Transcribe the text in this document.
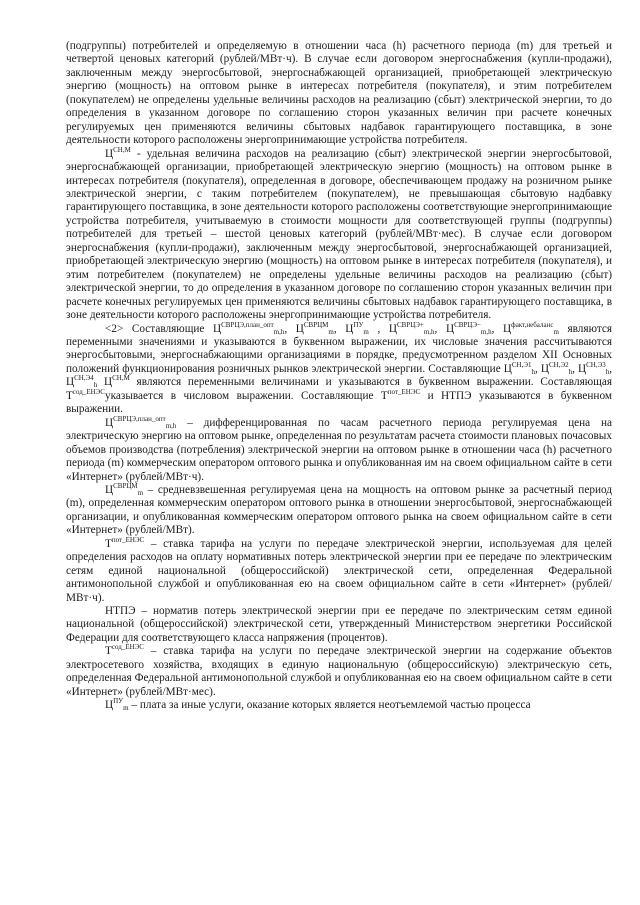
(подгруппы) потребителей и определяемую в отношении часа (h) расчетного периода (m) для третьей и четвертой ценовых категорий (рублей/МВт·ч). В случае если договором энергоснабжения (купли-продажи), заключенным между энергосбытовой, энергоснабжающей организацией, приобретающей электрическую энергию (мощность) на оптовом рынке в интересах потребителя (покупателя), и этим потребителем (покупателем) не определены удельные величины расходов на реализацию (сбыт) электрической энергии, то до определения в указанном договоре по соглашению сторон указанных величин при расчете конечных регулируемых цен применяются величины сбытовых надбавок гарантирующего поставщика, в зоне деятельности которого расположены энергопринимающие устройства потребителя.

$Ц^{СН,М}$ - удельная величина расходов на реализацию (сбыт) электрической энергии энергосбытовой, энергоснабжающей организации, приобретающей электрическую энергию (мощность) на оптовом рынке в интересах потребителя (покупателя), определенная в договоре, обеспечивающем продажу на розничном рынке электрической энергии, с таким потребителем (покупателем), не превышающая сбытовую надбавку гарантирующего поставщика, в зоне деятельности которого расположены соответствующие энергопринимающие устройства потребителя, учитываемую в стоимости мощности для соответствующей группы (подгруппы) потребителей для третьей – шестой ценовых категорий (рублей/МВт·мес). В случае если договором энергоснабжения (купли-продажи), заключенным между энергосбытовой, энергоснабжающей организацией, приобретающей электрическую энергию (мощность) на оптовом рынке в интересах потребителя (покупателя), и этим потребителем (покупателем) не определены удельные величины расходов на реализацию (сбыт) электрической энергии, то до определения в указанном договоре по соглашению сторон указанных величин при расчете конечных регулируемых цен применяются величины сбытовых надбавок гарантирующего поставщика, в зоне деятельности которого расположены энергопринимающие устройства потребителя.

<2> Составляющие $Ц^{СВРЦЭ,план\_опт}_{m,h}$, $Ц^{СВРЦМ}_m$, $Ц^{ПУ}_m$ , $Ц^{СВРЦЭ+}_{m,h}$, $Ц^{СВРЦЭ-}_{m,h}$, $Ц^{факт,небаланс}_m$ являются переменными значениями и указываются в буквенном выражении, их числовые значения рассчитываются энергосбытовыми, энергоснабжающими организациями в порядке, предусмотренном разделом XII Основных положений функционирования розничных рынков электрической энергии. Составляющие $Ц^{СН,Э1}_h$, $Ц^{СН,Э2}_h$, $Ц^{СН,Э3}_h$, $Ц^{СН,Э4}_h$ $Ц^{СН,М}$ являются переменными величинами и указываются в буквенном выражении. Составляющая $Т^{сод\_ЕНЭС}указывается$ в числовом выражении. Составляющие $Т^{пот\_ЕНЭС}$ и НТПЭ указываются в буквенном выражении.

$Ц^{СВРЦЭ,план\_опт}_{m,h}$ – дифференцированная по часам расчетного периода регулируемая цена на электрическую энергию на оптовом рынке, определенная по результатам расчета стоимости плановых почасовых объемов производства (потребления) электрической энергии на оптовом рынке в отношении часа (h) расчетного периода (m) коммерческим оператором оптового рынка и опубликованная им на своем официальном сайте в сети «Интернет» (рублей/МВт·ч).

$Ц^{СВРЦМ}_m$ – средневзвешенная регулируемая цена на мощность на оптовом рынке за расчетный период (m), определенная коммерческим оператором оптового рынка в отношении энергосбытовой, энергоснабжающей организации, и опубликованная коммерческим оператором оптового рынка на своем официальном сайте в сети «Интернет» (рублей/МВт).

$Т^{пот\_ЕНЭС}$ – ставка тарифа на услуги по передаче электрической энергии, используемая для целей определения расходов на оплату нормативных потерь электрической энергии при ее передаче по электрическим сетям единой национальной (общероссийской) электрической сети, определенная Федеральной антимонопольной службой и опубликованная ею на своем официальном сайте в сети «Интернет» (рублей/МВт·ч).

НТПЭ – норматив потерь электрической энергии при ее передаче по электрическим сетям единой национальной (общероссийской) электрической сети, утвержденный Министерством энергетики Российской Федерации для соответствующего класса напряжения (процентов).

$Т^{сод\_ЕНЭС}$ – ставка тарифа на услуги по передаче электрической энергии на содержание объектов электросетевого хозяйства, входящих в единую национальную (общероссийскую) электрическую сеть, определенная Федеральной антимонопольной службой и опубликованная ею на своем официальном сайте в сети «Интернет» (рублей/МВт·мес).

$Ц^{ПУ}_m$ – плата за иные услуги, оказание которых является неотъемлемой частью процесса
